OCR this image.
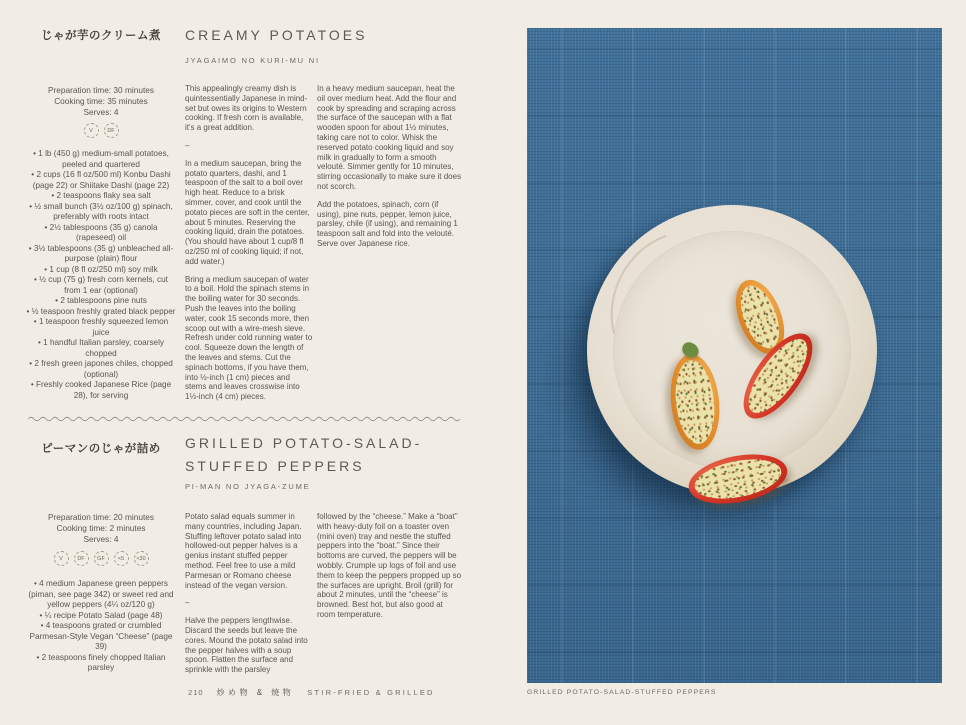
じゃが芋のクリーム煮	CREAMY POTATOES
JYAGAIMO NO KURI-MU NI
Preparation time: 30 minutes
Cooking time: 35 minutes
Serves: 4
V	DF
• 1 lb (450 g) medium-small potatoes, peeled and quartered
• 2 cups (16 fl oz/500 ml) Konbu Dashi (page 22) or Shiitake Dashi (page 22)
• 2 teaspoons flaky sea salt
• ½ small bunch (3½ oz/100 g) spinach, preferably with roots intact
• 2½ tablespoons (35 g) canola (rapeseed) oil
• 3½ tablespoons (35 g) unbleached all-purpose (plain) flour
• 1 cup (8 fl oz/250 ml) soy milk
• ½ cup (75 g) fresh corn kernels, cut from 1 ear (optional)
• 2 tablespoons pine nuts
• ½ teaspoon freshly grated black pepper
• 1 teaspoon freshly squeezed lemon juice
• 1 handful Italian parsley, coarsely chopped
• 2 fresh green japones chiles, chopped (optional)
• Freshly cooked Japanese Rice (page 28), for serving

This appealingly creamy dish is quintessentially Japanese in mind-set but owes its origins to Western cooking. If fresh corn is available, it's a great addition.

–

In a medium saucepan, bring the potato quarters, dashi, and 1 teaspoon of the salt to a boil over high heat. Reduce to a brisk simmer, cover, and cook until the potato pieces are soft in the center, about 5 minutes. Reserving the cooking liquid, drain the potatoes. (You should have about 1 cup/8 fl oz/250 ml of cooking liquid; if not, add water.)

Bring a medium saucepan of water to a boil. Hold the spinach stems in the boiling water for 30 seconds. Push the leaves into the boiling water, cook 15 seconds more, then scoop out with a wire-mesh sieve. Refresh under cold running water to cool. Squeeze down the length of the leaves and stems. Cut the spinach bottoms, if you have them, into ½-inch (1 cm) pieces and stems and leaves crosswise into 1½-inch (4 cm) pieces.

In a heavy medium saucepan, heat the oil over medium heat. Add the flour and cook by spreading and scraping across the surface of the saucepan with a flat wooden spoon for about 1½ minutes, taking care not to color. Whisk the reserved potato cooking liquid and soy milk in gradually to form a smooth velouté. Simmer gently for 10 minutes, stirring occasionally to make sure it does not scorch.

Add the potatoes, spinach, corn (if using), pine nuts, pepper, lemon juice, parsley, chile (if using), and remaining 1 teaspoon salt and fold into the velouté. Serve over Japanese rice.

ピーマンのじゃが詰め	GRILLED POTATO-SALAD-
STUFFED PEPPERS
PI-MAN NO JYAGA-ZUME
Preparation time: 20 minutes
Cooking time: 2 minutes
Serves: 4
V	DF	GF	<5	<30
• 4 medium Japanese green peppers (piman, see page 342) or sweet red and yellow peppers (4¼ oz/120 g)
• ¼ recipe Potato Salad (page 48)
• 4 teaspoons grated or crumbled Parmesan-Style Vegan “Cheese” (page 39)
• 2 teaspoons finely chopped Italian parsley

Potato salad equals summer in many countries, including Japan. Stuffing leftover potato salad into hollowed-out pepper halves is a genius instant stuffed pepper method. Feel free to use a mild Parmesan or Romano cheese instead of the vegan version.

–

Halve the peppers lengthwise. Discard the seeds but leave the cores. Mound the potato salad into the pepper halves with a soup spoon. Flatten the surface and sprinkle with the parsley

followed by the “cheese.” Make a “boat” with heavy-duty foil on a toaster oven (mini oven) tray and nestle the stuffed peppers into the “boat.” Since their bottoms are curved, the peppers will be wobbly. Crumple up logs of foil and use them to keep the peppers propped up so the surfaces are upright. Broil (grill) for about 2 minutes, until the “cheese” is browned. Best hot, but also good at room temperature.

210 炒め物 & 焼物 STIR-FRIED & GRILLED	GRILLED POTATO-SALAD-STUFFED PEPPERS
